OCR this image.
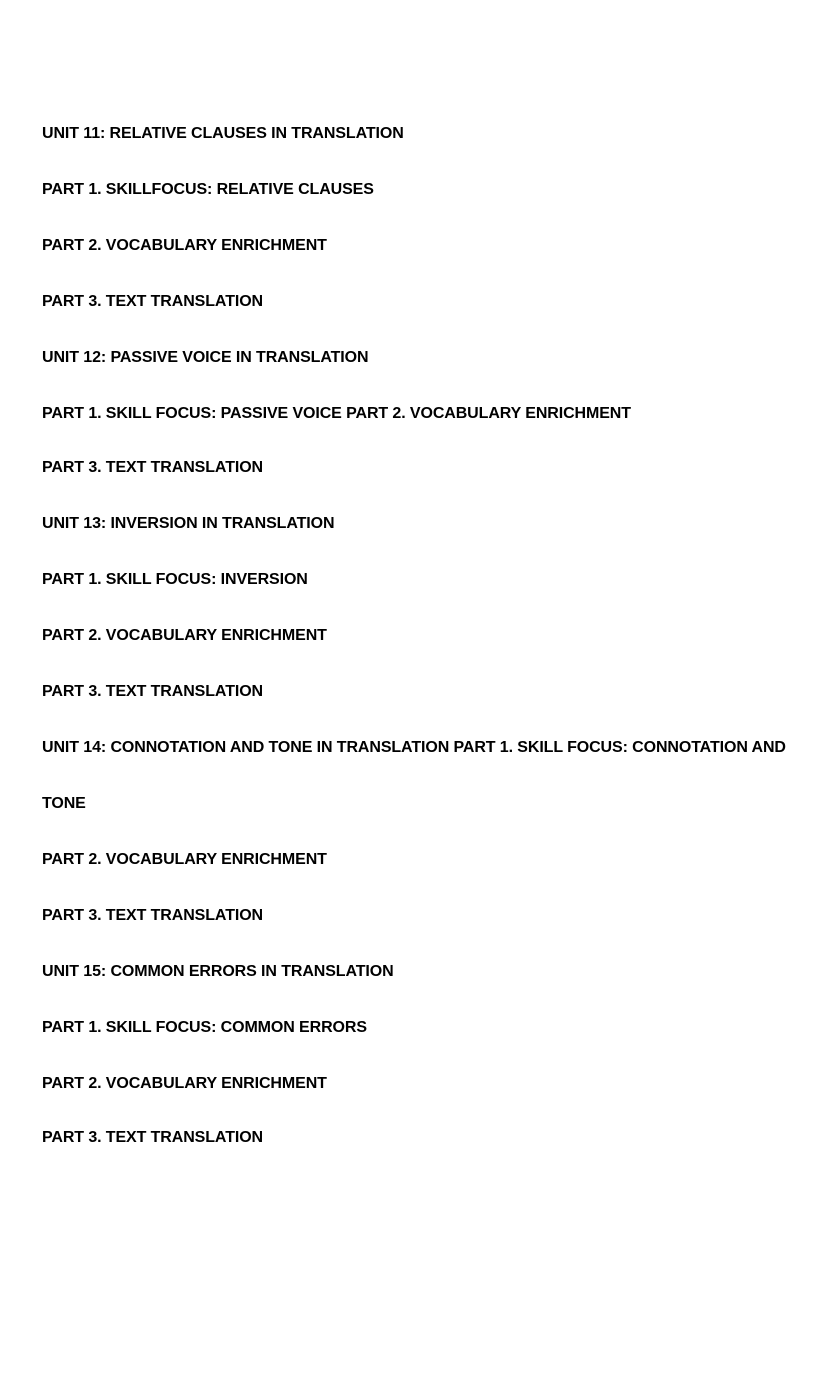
UNIT 11: RELATIVE CLAUSES IN TRANSLATION
PART 1. SKILLFOCUS: RELATIVE CLAUSES
PART 2. VOCABULARY ENRICHMENT
PART 3. TEXT TRANSLATION
UNIT 12: PASSIVE VOICE IN TRANSLATION
PART 1. SKILL FOCUS: PASSIVE VOICE PART 2. VOCABULARY ENRICHMENT
PART 3. TEXT TRANSLATION
UNIT 13: INVERSION IN TRANSLATION
PART 1. SKILL FOCUS: INVERSION
PART 2. VOCABULARY ENRICHMENT
PART 3. TEXT TRANSLATION
UNIT 14: CONNOTATION AND TONE IN TRANSLATION PART 1. SKILL FOCUS: CONNOTATION AND
TONE
PART 2. VOCABULARY ENRICHMENT
PART 3. TEXT TRANSLATION
UNIT 15: COMMON ERRORS IN TRANSLATION
PART 1. SKILL FOCUS: COMMON ERRORS
PART 2. VOCABULARY ENRICHMENT
PART 3. TEXT TRANSLATION
